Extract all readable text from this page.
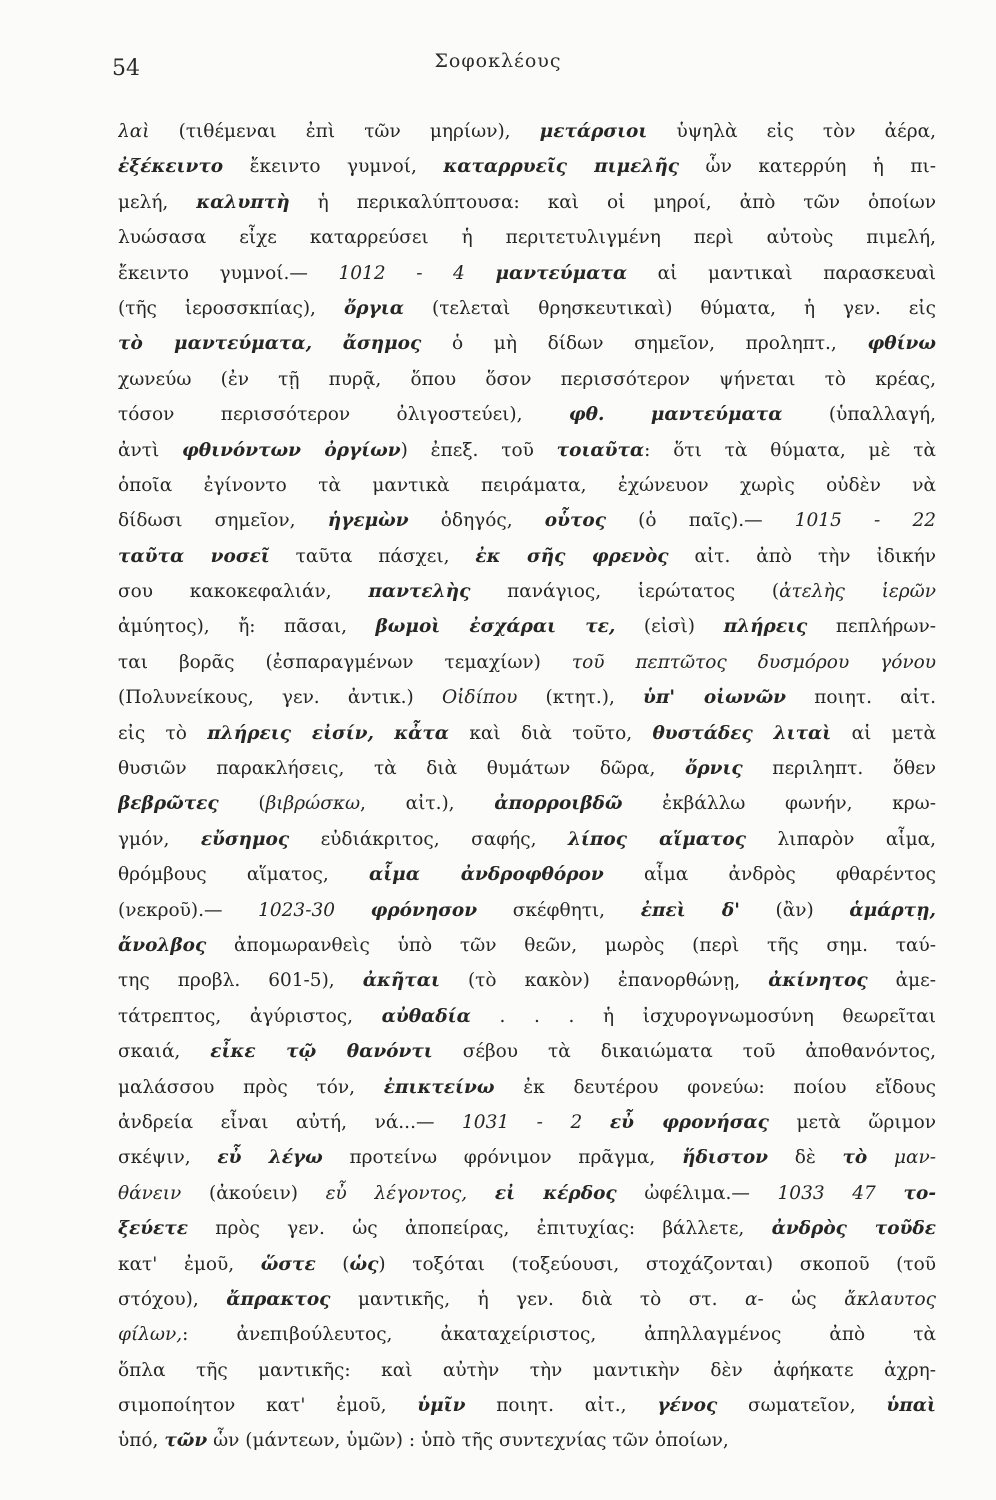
54	Σοφοκλέους
λαὶ (τιθέμεναι ἐπὶ τῶν μηρίων), μετάρσιοι ὑψηλὰ εἰς τὸν ἀέρα,
ἐξέκειντο ἔκειντο γυμνοί, καταρρυεῖς πιμελῆς ὧν κατερρύη ἡ πι-
μελή, καλυπτὴ ἡ περικαλύπτουσα: καὶ οἱ μηροί, ἀπὸ τῶν ὁποίων
λυώσασα εἶχε καταρρεύσει ἡ περιτετυλιγμένη περὶ αὐτοὺς πιμελή,
ἔκειντο γυμνοί.— 1012 - 4 μαντεύματα αἱ μαντικαὶ παρασκευαὶ
(τῆς ἱεροσσκπίας), ὄργια (τελεταὶ θρησκευτικαὶ) θύματα, ἡ γεν. εἰς
τὸ μαντεύματα, ἄσημος ὁ μὴ δίδων σημεῖον, προληπτ., φθίνω
χωνεύω (ἐν τῇ πυρᾷ, ὅπου ὅσον περισσότερον ψήνεται τὸ κρέας,
τόσον περισσότερον ὀλιγοστεύει), φθ.	μαντεύματα (ὑπαλλαγή,
ἀντὶ φθινόντων ὀργίων) ἐπεξ. τοῦ τοιαῦτα: ὅτι τὰ θύματα, μὲ τὰ
ὁποῖα ἐγίνοντο τὰ μαντικὰ πειράματα, ἐχώνευον χωρὶς οὐδὲν νὰ
δίδωσι σημεῖον, ἡγεμὼν ὁδηγός, οὗτος (ὁ παῖς).— 1015 - 22
ταῦτα νοσεῖ ταῦτα πάσχει, ἐκ σῆς φρενὸς αἰτ. ἀπὸ τὴν ἰδικήν
σου κακοκεφαλιάν, παντελὴς πανάγιος, ἱερώτατος (ἀτελὴς ἱερῶν
ἀμύητος), ἤ: πᾶσαι, βωμοὶ ἐσχάραι τε, (εἰσὶ) πλήρεις πεπλήρων-
ται βορᾶς (ἐσπαραγμένων τεμαχίων) τοῦ πεπτῶτος δυσμόρου γόνου
(Πολυνείκους, γεν. ἀντικ.) Οἰδίπου (κτητ.), ὑπ' οἰωνῶν ποιητ. αἰτ.
εἰς τὸ πλήρεις εἰσίν, κἆτα καὶ διὰ τοῦτο, θυστάδες λιταὶ αἱ μετὰ
θυσιῶν παρακλήσεις, τὰ διὰ θυμάτων δῶρα, ὄρνις περιληπτ. ὅθεν
βεβρῶτες (βιβρώσκω, αἰτ.), ἀπορροιβδῶ ἐκβάλλω φωνήν, κρω-
γμόν, εὔσημος εὐδιάκριτος, σαφής, λίπος αἵματος λιπαρὸν αἷμα,
θρόμβους αἵματος, αἷμα ἀνδροφθόρον αἷμα ἀνδρὸς φθαρέντος
(νεκροῦ).— 1023-30 φρόνησον σκέφθητι, ἐπεὶ δ' (ἂν) ἁμάρτῃ,
ἄνολβος ἀπομωρανθεὶς ὑπὸ τῶν θεῶν, μωρὸς (περὶ τῆς σημ. ταύ-
της προβλ. 601-5), ἀκῆται (τὸ κακὸν) ἐπανορθώνῃ, ἀκίνητος ἀμε-
τάτρεπτος, ἀγύριστος, αὐθαδία . . . ἡ ἰσχυρογνωμοσύνη θεωρεῖται
σκαιά, εἶκε τῷ θανόντι σέβου τὰ δικαιώματα τοῦ ἀποθανόντος,
μαλάσσου πρὸς τόν, ἐπικτείνω ἐκ δευτέρου φονεύω: ποίου εἴδους
ἀνδρεία εἶναι αὐτή, νά...— 1031 - 2 εὖ φρονήσας μετὰ ὥριμον
σκέψιν, εὖ λέγω προτείνω φρόνιμον πρᾶγμα, ἥδιστον δὲ τὸ μαν-
θάνειν (ἀκούειν) εὖ λέγοντος, εἰ κέρδος ὠφέλιμα.— 1033 47 το-
ξεύετε πρὸς γεν. ὡς ἀποπείρας, ἐπιτυχίας: βάλλετε, ἀνδρὸς τοῦδε
κατ' ἐμοῦ, ὥστε (ὡς) τοξόται (τοξεύουσι, στοχάζονται) σκοποῦ (τοῦ
στόχου), ἄπρακτος μαντικῆς, ἡ γεν. διὰ τὸ στ. α- ὡς ἄκλαυτος
φίλων,: ἀνεπιβούλευτος, ἀκαταχείριστος, ἀπηλλαγμένος ἀπὸ τὰ
ὅπλα τῆς μαντικῆς: καὶ αὐτὴν τὴν μαντικὴν δὲν ἀφήκατε ἀχρη-
σιμοποίητον κατ' ἐμοῦ, ὑμῖν ποιητ. αἰτ., γένος σωματεῖον, ὑπαὶ
ὑπό, τῶν ὧν (μάντεων, ὑμῶν) : ὑπὸ τῆς συντεχνίας τῶν ὁποίων,
